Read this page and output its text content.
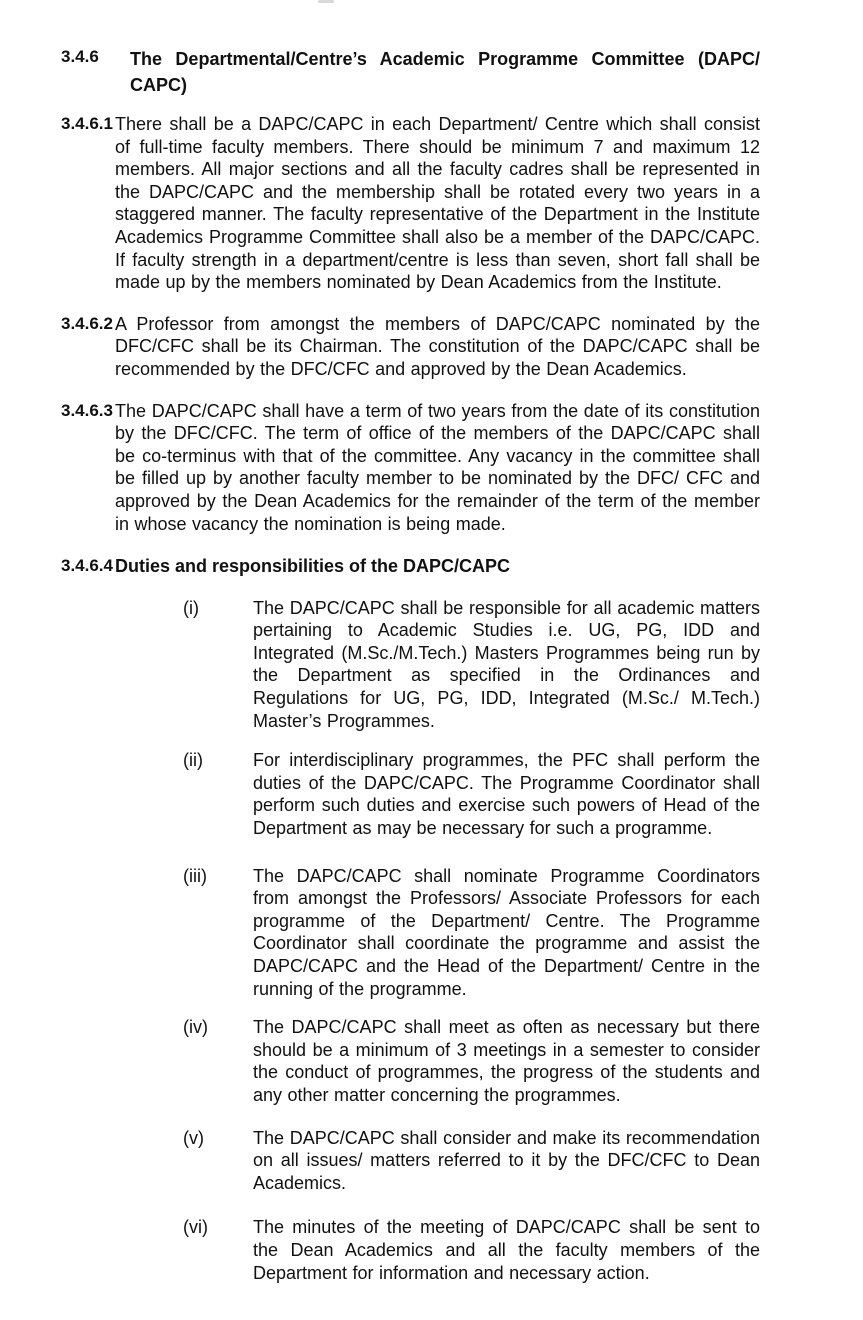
3.4.6	The Departmental/Centre’s Academic Programme Committee (DAPC/ CAPC)
3.4.6.1 There shall be a DAPC/CAPC in each Department/ Centre which shall consist of full-time faculty members. There should be minimum 7 and maximum 12 members. All major sections and all the faculty cadres shall be represented in the DAPC/CAPC and the membership shall be rotated every two years in a staggered manner. The faculty representative of the Department in the Institute Academics Programme Committee shall also be a member of the DAPC/CAPC. If faculty strength in a department/centre is less than seven, short fall shall be made up by the members nominated by Dean Academics from the Institute.

3.4.6.2 A Professor from amongst the members of DAPC/CAPC nominated by the DFC/CFC shall be its Chairman. The constitution of the DAPC/CAPC shall be recommended by the DFC/CFC and approved by the Dean Academics.

3.4.6.3 The DAPC/CAPC shall have a term of two years from the date of its constitution by the DFC/CFC. The term of office of the members of the DAPC/CAPC shall be co-terminus with that of the committee. Any vacancy in the committee shall be filled up by another faculty member to be nominated by the DFC/ CFC and approved by the Dean Academics for the remainder of the term of the member in whose vacancy the nomination is being made.

3.4.6.4 Duties and responsibilities of the DAPC/CAPC
(i)	The DAPC/CAPC shall be responsible for all academic matters pertaining to Academic Studies i.e. UG, PG, IDD and Integrated (M.Sc./M.Tech.) Masters Programmes being run by the Department as specified in the Ordinances and Regulations for UG, PG, IDD, Integrated (M.Sc./ M.Tech.) Master’s Programmes.

(ii)	For interdisciplinary programmes, the PFC shall perform the duties of the DAPC/CAPC. The Programme Coordinator shall perform such duties and exercise such powers of Head of the Department as may be necessary for such a programme.

(iii)	The DAPC/CAPC shall nominate Programme Coordinators from amongst the Professors/ Associate Professors for each programme of the Department/ Centre. The Programme Coordinator shall coordinate the programme and assist the DAPC/CAPC and the Head of the Department/ Centre in the running of the programme.

(iv)	The DAPC/CAPC shall meet as often as necessary but there should be a minimum of 3 meetings in a semester to consider the conduct of programmes, the progress of the students and any other matter concerning the programmes.

(v)	The DAPC/CAPC shall consider and make its recommendation on all issues/ matters referred to it by the DFC/CFC to Dean Academics.

(vi)	The minutes of the meeting of DAPC/CAPC shall be sent to the Dean Academics and all the faculty members of the Department for information and necessary action.
